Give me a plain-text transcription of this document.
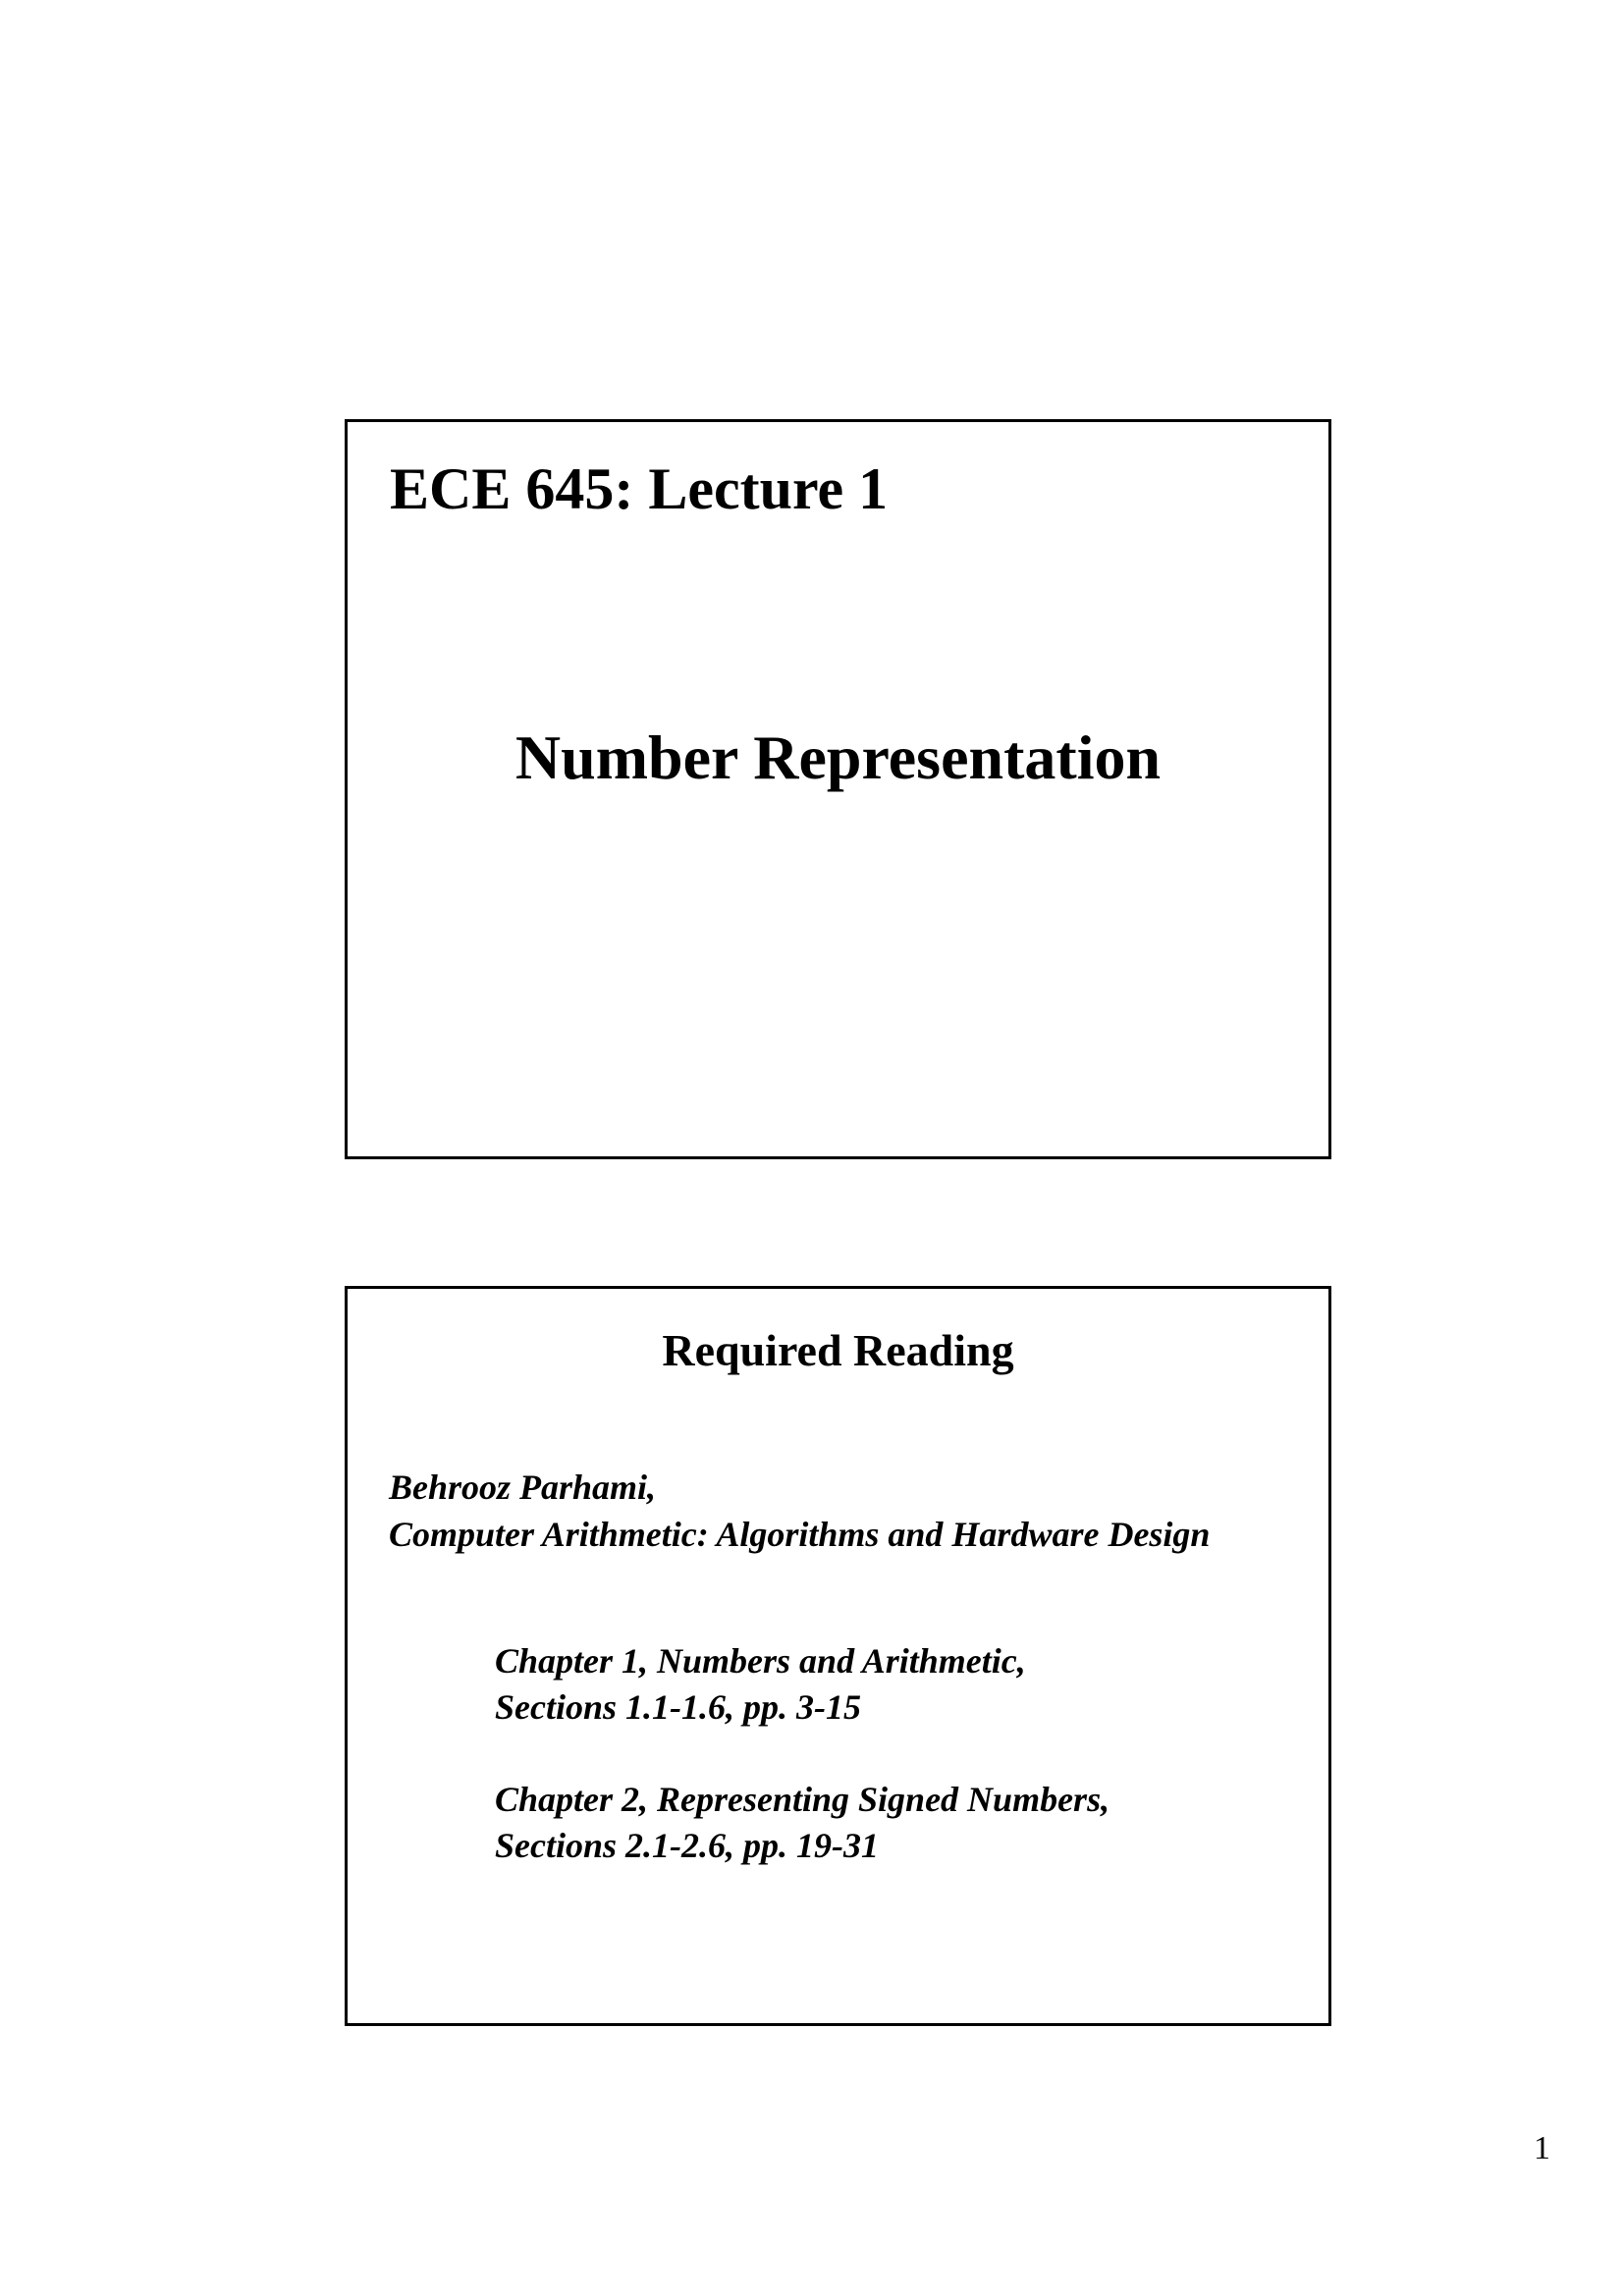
ECE 645: Lecture 1
Number Representation
Required Reading
Behrooz Parhami,
Computer Arithmetic: Algorithms and Hardware Design
Chapter 1, Numbers and Arithmetic,
Sections 1.1-1.6, pp. 3-15
Chapter 2, Representing Signed Numbers,
Sections 2.1-2.6, pp. 19-31
1
